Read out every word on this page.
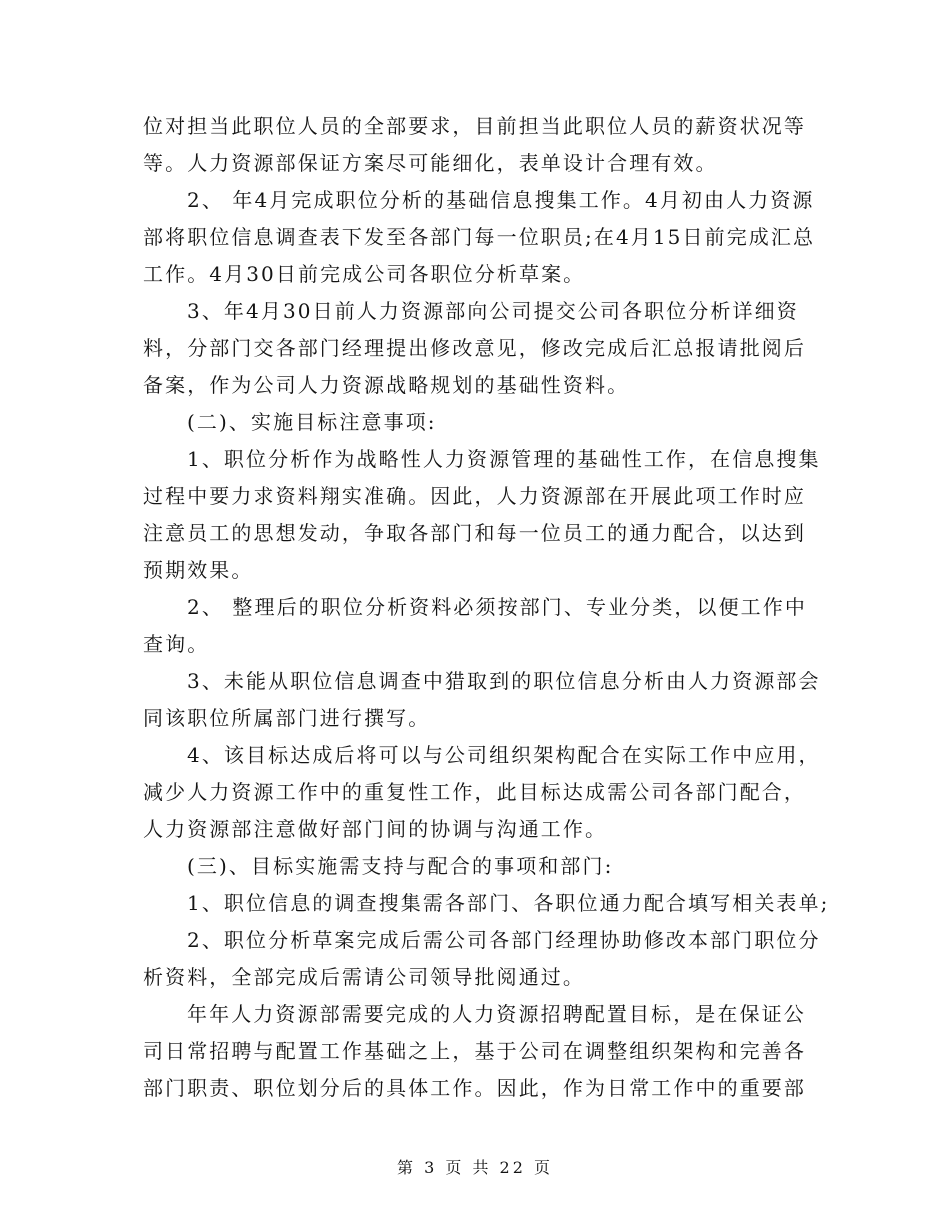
位对担当此职位人员的全部要求，目前担当此职位人员的薪资状况等
等。人力资源部保证方案尽可能细化，表单设计合理有效。
2、 年4月完成职位分析的基础信息搜集工作。4月初由人力资源
部将职位信息调查表下发至各部门每一位职员;在4月15日前完成汇总
工作。4月30日前完成公司各职位分析草案。
3、年4月30日前人力资源部向公司提交公司各职位分析详细资
料，分部门交各部门经理提出修改意见，修改完成后汇总报请批阅后
备案，作为公司人力资源战略规划的基础性资料。
(二)、实施目标注意事项:
1、职位分析作为战略性人力资源管理的基础性工作，在信息搜集
过程中要力求资料翔实准确。因此，人力资源部在开展此项工作时应
注意员工的思想发动，争取各部门和每一位员工的通力配合，以达到
预期效果。
2、 整理后的职位分析资料必须按部门、专业分类，以便工作中
查询。
3、未能从职位信息调查中猎取到的职位信息分析由人力资源部会
同该职位所属部门进行撰写。
4、该目标达成后将可以与公司组织架构配合在实际工作中应用，
减少人力资源工作中的重复性工作，此目标达成需公司各部门配合，
人力资源部注意做好部门间的协调与沟通工作。
(三)、目标实施需支持与配合的事项和部门:
1、职位信息的调查搜集需各部门、各职位通力配合填写相关表单;
2、职位分析草案完成后需公司各部门经理协助修改本部门职位分
析资料，全部完成后需请公司领导批阅通过。
年年人力资源部需要完成的人力资源招聘配置目标，是在保证公
司日常招聘与配置工作基础之上，基于公司在调整组织架构和完善各
部门职责、职位划分后的具体工作。因此，作为日常工作中的重要部
第 3 页 共 22 页
